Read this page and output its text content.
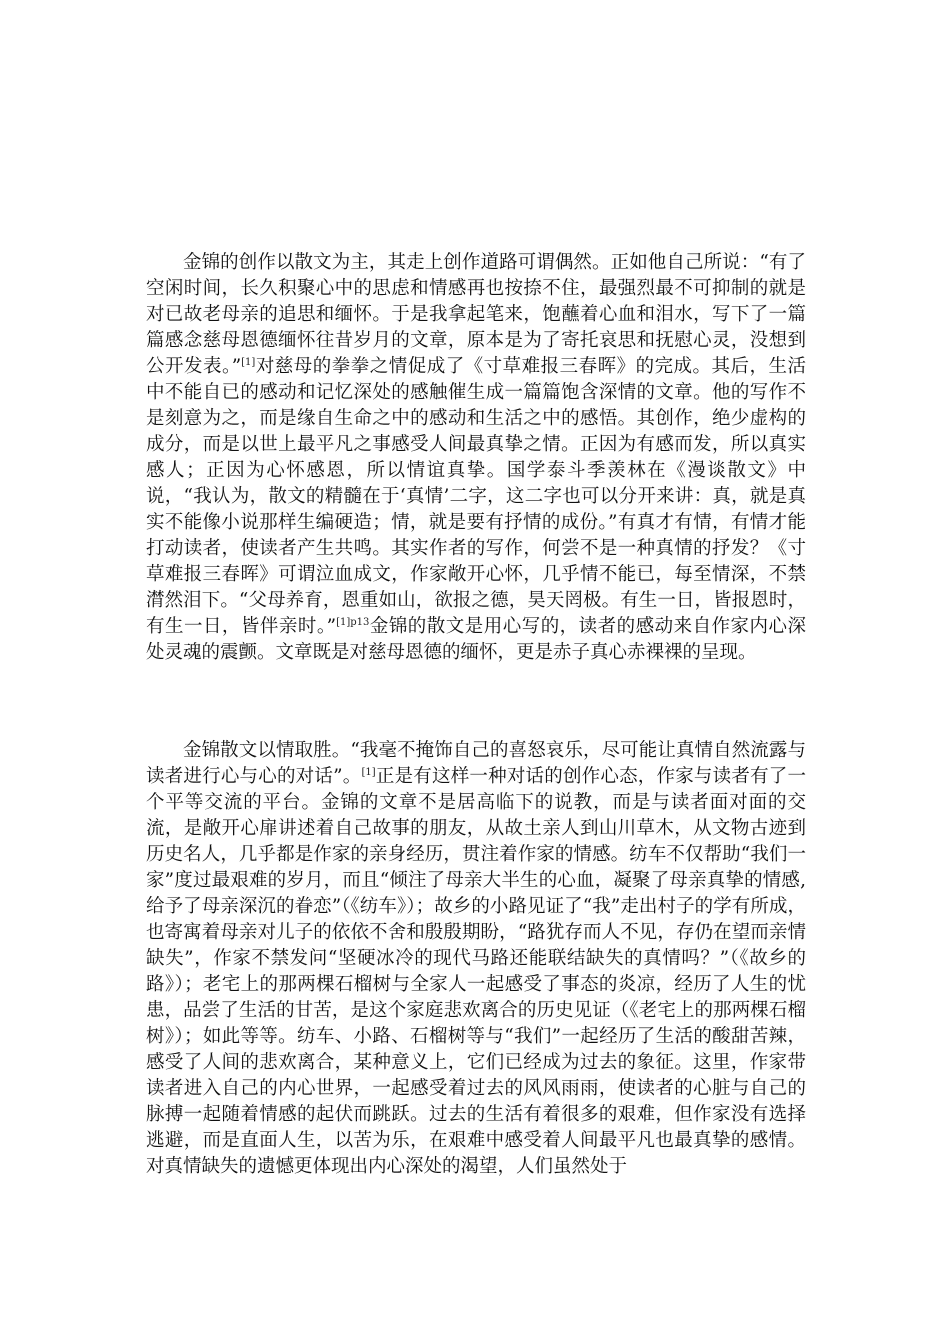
金锦的创作以散文为主，其走上创作道路可谓偶然。正如他自己所说：“有了空闲时间，长久积聚心中的思虑和情感再也按捺不住，最强烈最不可抑制的就是对已故老母亲的追思和缅怀。于是我拿起笔来，饱蘸着心血和泪水，写下了一篇篇感念慈母恩德缅怀往昔岁月的文章，原本是为了寄托哀思和抚慰心灵，没想到公开发表。”[1]对慈母的拳拳之情促成了《寸草难报三春晖》的完成。其后，生活中不能自已的感动和记忆深处的感触催生成一篇篇饱含深情的文章。他的写作不是刻意为之，而是缘自生命之中的感动和生活之中的感悟。其创作，绝少虚构的成分，而是以世上最平凡之事感受人间最真挚之情。正因为有感而发，所以真实感人；正因为心怀感恩，所以情谊真挚。国学泰斗季羡林在《漫谈散文》中说，“我认为，散文的精髓在于‘真情’二字，这二字也可以分开来讲：真，就是真实不能像小说那样生编硬造；情，就是要有抒情的成份。”有真才有情，有情才能打动读者，使读者产生共鸣。其实作者的写作，何尝不是一种真情的抒发？《寸草难报三春晖》可谓泣血成文，作家敞开心怀，几乎情不能已，每至情深，不禁潸然泪下。“父母养育，恩重如山，欲报之德，昊天罔极。有生一日，皆报恩时，有生一日，皆伴亲时。”$^{[1]p13}$金锦的散文是用心写的，读者的感动来自作家内心深处灵魂的震颤。文章既是对慈母恩德的缅怀，更是赤子真心赤裸裸的呈现。

金锦散文以情取胜。“我毫不掩饰自己的喜怒哀乐，尽可能让真情自然流露与读者进行心与心的对话”。[1]正是有这样一种对话的创作心态，作家与读者有了一个平等交流的平台。金锦的文章不是居高临下的说教，而是与读者面对面的交流，是敞开心扉讲述着自己故事的朋友，从故土亲人到山川草木，从文物古迹到历史名人，几乎都是作家的亲身经历，贯注着作家的情感。纺车不仅帮助“我们一家”度过最艰难的岁月，而且“倾注了母亲大半生的心血，凝聚了母亲真挚的情感, 给予了母亲深沉的眷恋”（《纺车》）；故乡的小路见证了“我”走出村子的学有所成，也寄寓着母亲对儿子的依依不舍和殷殷期盼，“路犹存而人不见，存仍在望而亲情缺失”，作家不禁发问“坚硬冰冷的现代马路还能联结缺失的真情吗？”（《故乡的路》）；老宅上的那两棵石榴树与全家人一起感受了事态的炎凉，经历了人生的忧患，品尝了生活的甘苦，是这个家庭悲欢离合的历史见证（《老宅上的那两棵石榴树》）；如此等等。纺车、小路、石榴树等与“我们”一起经历了生活的酸甜苦辣，感受了人间的悲欢离合，某种意义上，它们已经成为过去的象征。这里，作家带读者进入自己的内心世界，一起感受着过去的风风雨雨，使读者的心脏与自己的脉搏一起随着情感的起伏而跳跃。过去的生活有着很多的艰难，但作家没有选择逃避，而是直面人生，以苦为乐，在艰难中感受着人间最平凡也最真挚的感情。对真情缺失的遗憾更体现出内心深处的渴望，人们虽然处于
